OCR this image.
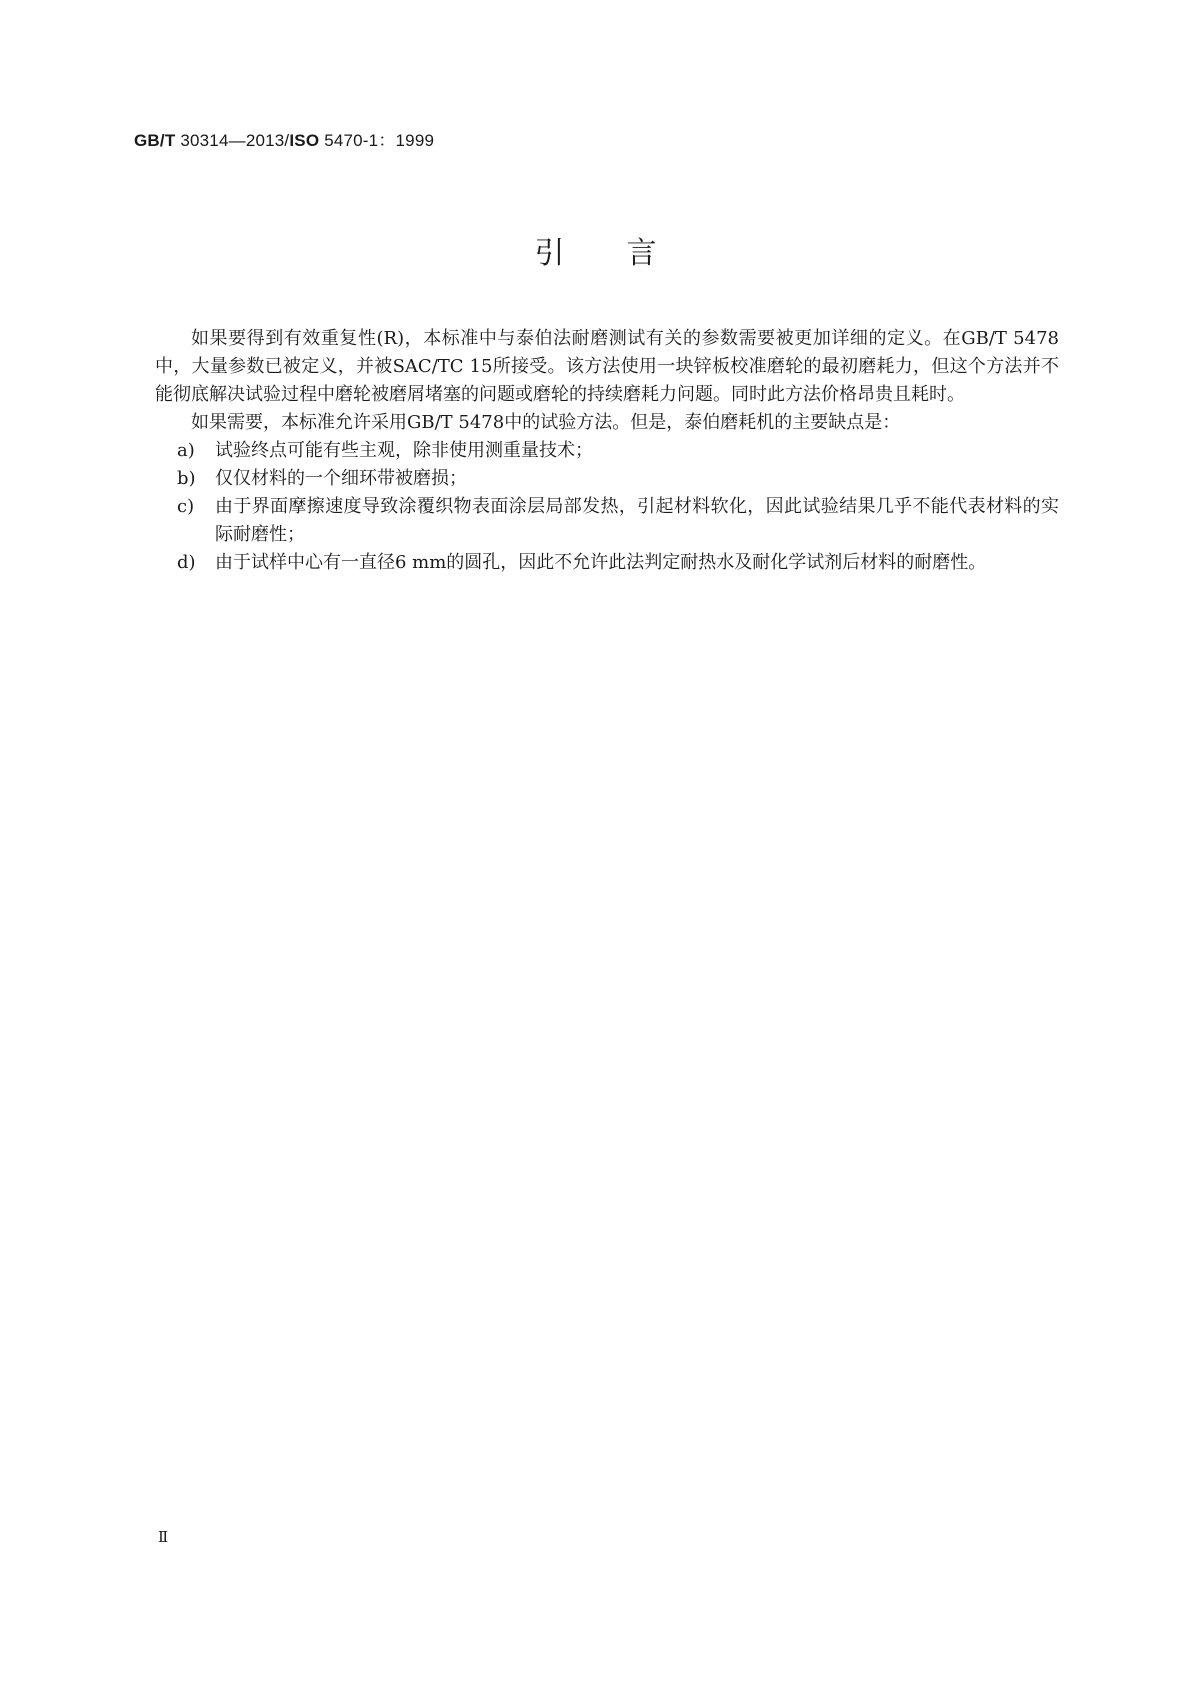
GB/T 30314—2013/ISO 5470-1：1999
引言

如果要得到有效重复性(R)，本标准中与泰伯法耐磨测试有关的参数需要被更加详细的定义。在GB/T 5478中，大量参数已被定义，并被SAC/TC 15所接受。该方法使用一块锌板校准磨轮的最初磨耗力，但这个方法并不能彻底解决试验过程中磨轮被磨屑堵塞的问题或磨轮的持续磨耗力问题。同时此方法价格昂贵且耗时。

如果需要，本标准允许采用GB/T 5478中的试验方法。但是，泰伯磨耗机的主要缺点是：

a)	试验终点可能有些主观，除非使用测重量技术；
b)	仅仅材料的一个细环带被磨损；
c)	由于界面摩擦速度导致涂覆织物表面涂层局部发热，引起材料软化，因此试验结果几乎不能代表材料的实际耐磨性；
d)	由于试样中心有一直径6 mm的圆孔，因此不允许此法判定耐热水及耐化学试剂后材料的耐磨性。
Ⅱ
